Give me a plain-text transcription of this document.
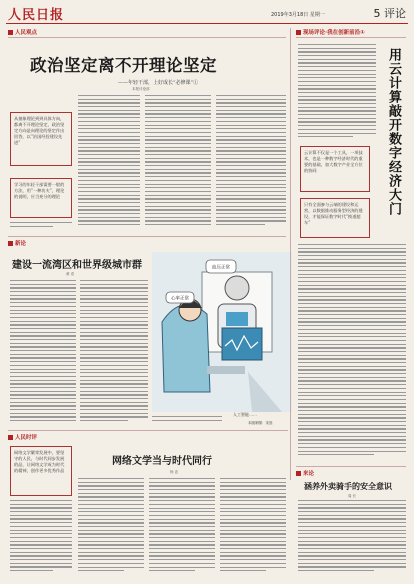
人民日报	2019年3月18日 星期一	5 评论
人民观点
政治坚定离不开理论坚定
——年轻干部，上好成长“必修课”①
本报评论部

从抽象理论到到具体方向，都离不开理论坚定，政治坚定方向是向理论的坚定作出回答，以“治国经验建设先进”

学习的年轻干部需要一般的方法，用“一种功夫”，理论的说明，应当充分的理论

新论
建设一流湾区和世界级城市群
黄 奇
血压正常
心率正常
人工智能……
本版制图：宋嵩
现场评论·我在创新前沿①
用云计算敲开数字经济大门

云计算不仅是一个工具，一项技术，也是一种数字经济时代的重要的基础，加大数字产业全方位的协同

只有全面参与云端的建设和运营，以数据推动服务型经济的建设，才能保证数字时代“换道超车”

来论
涵养外卖骑手的安全意识
周 长
人民时评

网络文学繁荣发展中，要坚守的人民，与时代同步发展的品，让网络文学成为时代的精神，创作更多优秀作品

网络文学当与时代同行
杨 忠
